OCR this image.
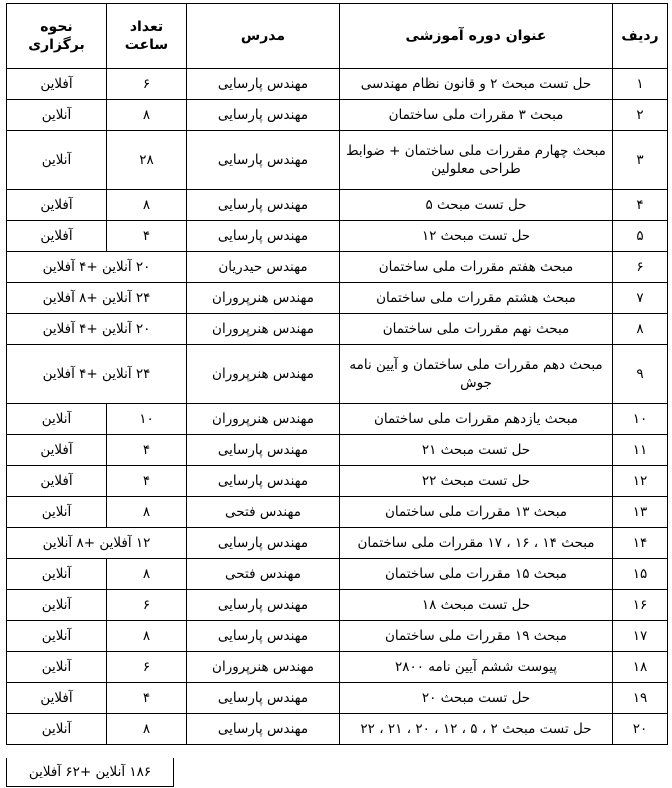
ردیف	عنوان دوره آموزشی	مدرس	تعداد ساعت	نحوه برگزاری
۱	حل تست مبحث ۲ و قانون نظام مهندسی	مهندس پارسایی	۶	آفلاین
۲	مبحث ۳ مقررات ملی ساختمان	مهندس پارسایی	۸	آنلاین
۳	مبحث چهارم مقررات ملی ساختمان + ضوابط طراحی معلولین	مهندس پارسایی	۲۸	آنلاین
۴	حل تست مبحث ۵	مهندس پارسایی	۸	آفلاین
۵	حل تست مبحث ۱۲	مهندس پارسایی	۴	آفلاین
۶	مبحث هفتم مقررات ملی ساختمان	مهندس حیدریان	۲۰ آنلاین +۴ آفلاین	
۷	مبحث هشتم مقررات ملی ساختمان	مهندس هنرپروران	۲۴ آنلاین +۸ آفلاین	
۸	مبحث نهم مقررات ملی ساختمان	مهندس هنرپروران	۲۰ آنلاین +۴ آفلاین	
۹	مبحث دهم مقررات ملی ساختمان و آیین نامه جوش	مهندس هنرپروران	۲۴ آنلاین +۴ آفلاین	
۱۰	مبحث یازدهم مقررات ملی ساختمان	مهندس هنرپروران	۱۰	آنلاین
۱۱	حل تست مبحث ۲۱	مهندس پارسایی	۴	آفلاین
۱۲	حل تست مبحث ۲۲	مهندس پارسایی	۴	آفلاین
۱۳	مبحث ۱۳ مقررات ملی ساختمان	مهندس فتحی	۸	آنلاین
۱۴	مبحث ۱۴ ، ۱۶ ، ۱۷ مقررات ملی ساختمان	مهندس پارسایی	۱۲ آفلاین +۸ آنلاین	
۱۵	مبحث ۱۵ مقررات ملی ساختمان	مهندس فتحی	۸	آنلاین
۱۶	حل تست مبحث ۱۸	مهندس پارسایی	۶	آنلاین
۱۷	مبحث ۱۹ مقررات ملی ساختمان	مهندس پارسایی	۸	آنلاین
۱۸	پیوست ششم آیین نامه ۲۸۰۰	مهندس هنرپروران	۶	آنلاین
۱۹	حل تست مبحث ۲۰	مهندس پارسایی	۴	آفلاین
۲۰	حل تست مبحث ۲ ، ۵ ، ۱۲ ، ۲۰ ، ۲۱ ، ۲۲	مهندس پارسایی	۸	آنلاین
۱۸۶ آنلاین +۶۲ آفلاین
